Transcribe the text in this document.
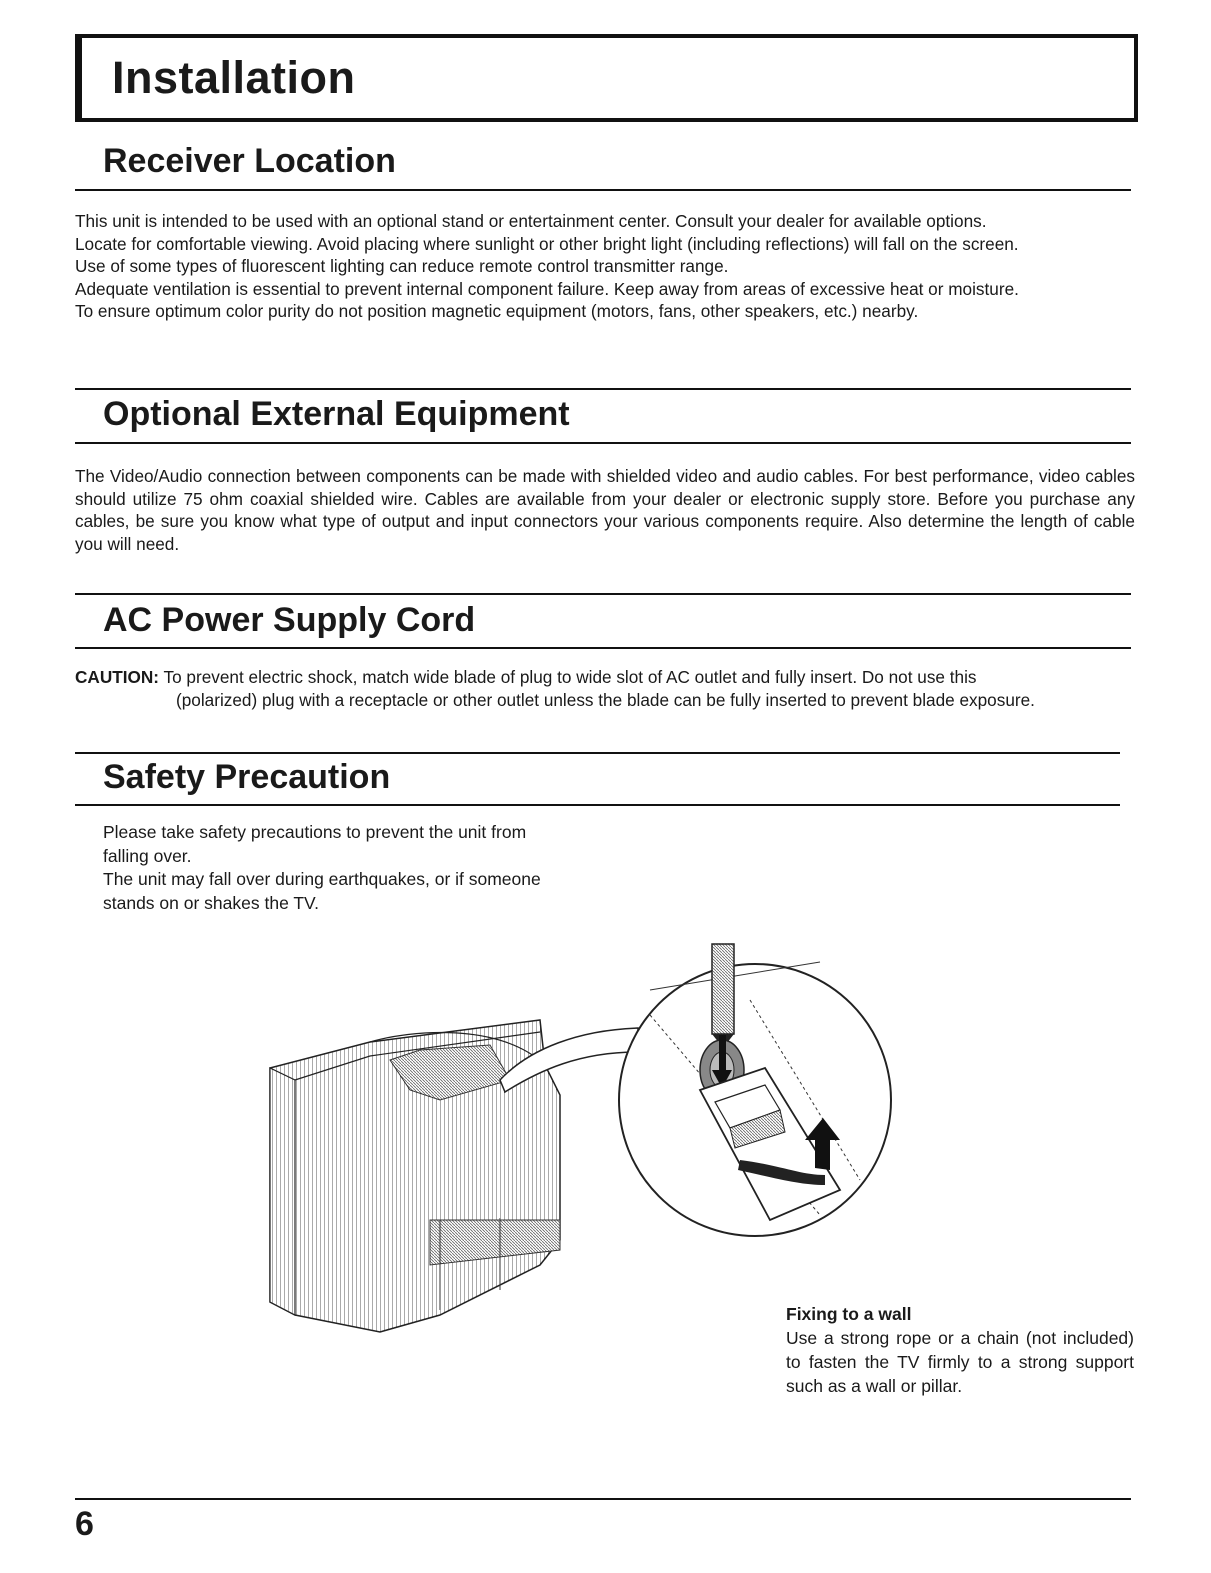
Installation
Receiver Location

This unit is intended to be used with an optional stand or entertainment center. Consult your dealer for available options.

Locate for comfortable viewing. Avoid placing where sunlight or other bright light (including reflections) will fall on the screen.

Use of some types of fluorescent lighting can reduce remote control transmitter range.

Adequate ventilation is essential to prevent internal component failure. Keep away from areas of excessive heat or moisture.

To ensure optimum color purity do not position magnetic equipment (motors, fans, other speakers, etc.) nearby.

Optional External Equipment

The Video/Audio connection between components can be made with shielded video and audio cables. For best performance, video cables should utilize 75 ohm coaxial shielded wire. Cables are available from your dealer or electronic supply store. Before you purchase any cables, be sure you know what type of output and input connectors your various components require. Also determine the length of cable you will need.

AC Power Supply Cord
CAUTION: To prevent electric shock, match wide blade of plug to wide slot of AC outlet and fully insert. Do not use this
(polarized) plug with a receptacle or other outlet unless the blade can be fully inserted to prevent blade exposure.
Safety Precaution

Please take safety precautions to prevent the unit from falling over.

The unit may fall over during earthquakes, or if someone stands on or shakes the TV.

Fixing to a wall
Use a strong rope or a chain (not included) to fasten the TV firmly to a strong support such as a wall or pillar.
6
